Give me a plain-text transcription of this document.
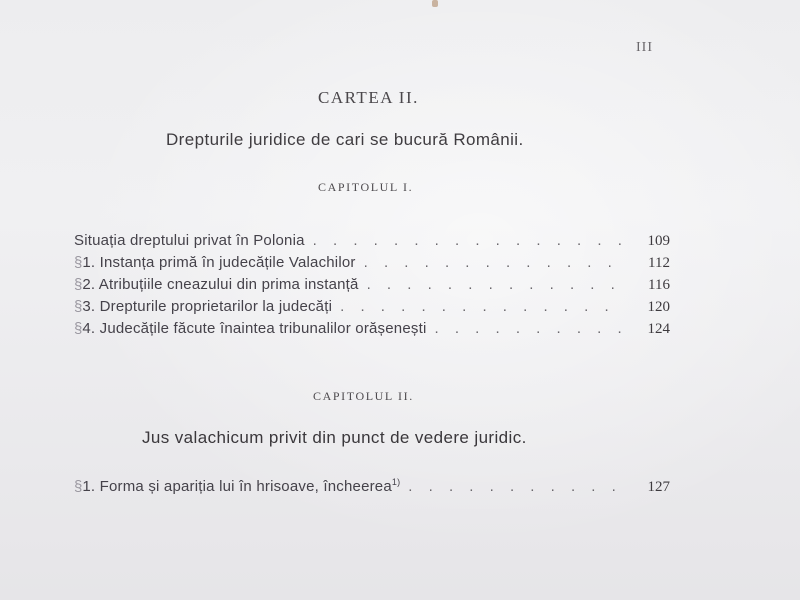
III
CARTEA II.
Drepturile juridice de cari se bucură Românii.
CAPITOLUL I.
Situația dreptului privat în Polonia . . .	109
§ 1. Instanța primă în judecățile Valachilor . . .	112
§ 2. Atribuțiile cneazului din prima instanță . . .	116
§ 3. Drepturile proprietarilor la judecăți . . .	120
§ 4. Judecățile făcute înaintea tribunalilor orășenești . . .	124
CAPITOLUL II.
Jus valachicum privit din punct de vedere juridic.
§ 1. Forma și apariția lui în hrisoave, încheerea$^{1)}$ . . .	127
